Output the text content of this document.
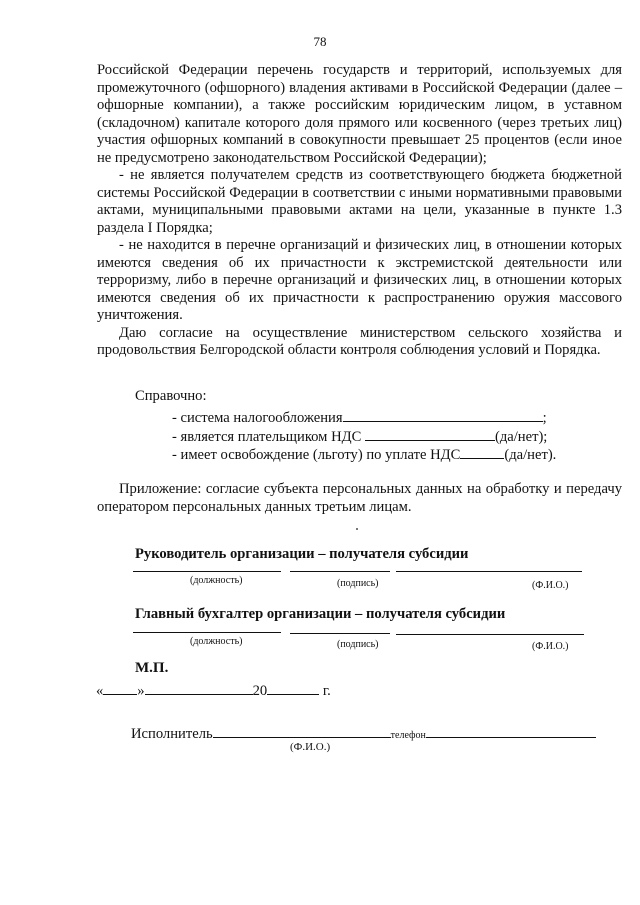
78

Российской Федерации перечень государств и территорий, используемых для промежуточного (офшорного) владения активами в Российской Федерации (далее – офшорные компании), а также российским юридическим лицом, в уставном (складочном) капитале которого доля прямого или косвенного (через третьих лиц) участия офшорных компаний в совокупности превышает 25 процентов (если иное не предусмотрено законодательством Российской Федерации);

- не является получателем средств из соответствующего бюджета бюджетной системы Российской Федерации в соответствии с иными нормативными правовыми актами, муниципальными правовыми актами на цели, указанные в пункте 1.3 раздела I Порядка;

- не находится в перечне организаций и физических лиц, в отношении которых имеются сведения об их причастности к экстремистской деятельности или терроризму, либо в перечне организаций и физических лиц, в отношении которых имеются сведения об их причастности к распространению оружия массового уничтожения.

Даю согласие на осуществление министерством сельского хозяйства и продовольствия Белгородской области контроля соблюдения условий и Порядка.

Справочно:
- система налогообложения	;
- является плательщиком НДС	(да/нет);
- имеет освобождение (льготу) по уплате НДС	(да/нет).

Приложение: согласие субъекта персональных данных на обработку и передачу оператором персональных данных третьим лицам.

Руководитель организации – получателя субсидии
(должность)	(подпись)	(Ф.И.О.)
Главный бухгалтер организации – получателя субсидии
(должность)	(подпись)	(Ф.И.О.)
М.П.
« »	20	г.
Исполнитель	телефон
(Ф.И.О.)
